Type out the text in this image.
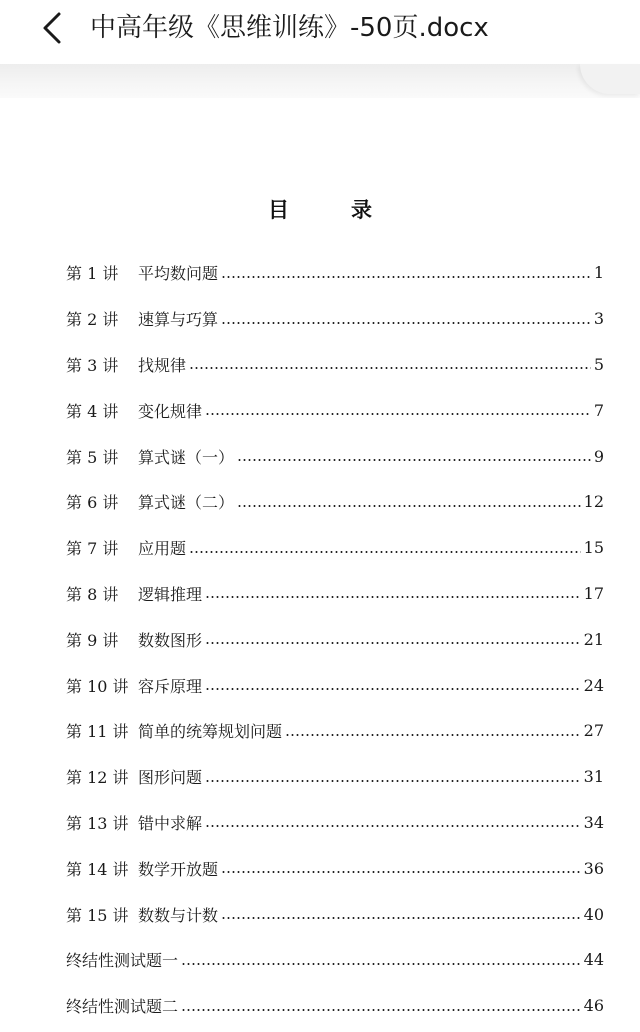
中高年级《思维训练》-50页.docx
目	录
第 1 讲	平均数问题	1
第 2 讲	速算与巧算	3
第 3 讲	找规律	5
第 4 讲	变化规律	7
第 5 讲	算式谜（一）	9
第 6 讲	算式谜（二）	12
第 7 讲	应用题	15
第 8 讲	逻辑推理	17
第 9 讲	数数图形	21
第 10 讲 容斥原理	24
第 11 讲 简单的统筹规划问题	27
第 12 讲 图形问题	31
第 13 讲 错中求解	34
第 14 讲 数学开放题	36
第 15 讲 数数与计数	40
终结性测试题一	44
终结性测试题二	46
